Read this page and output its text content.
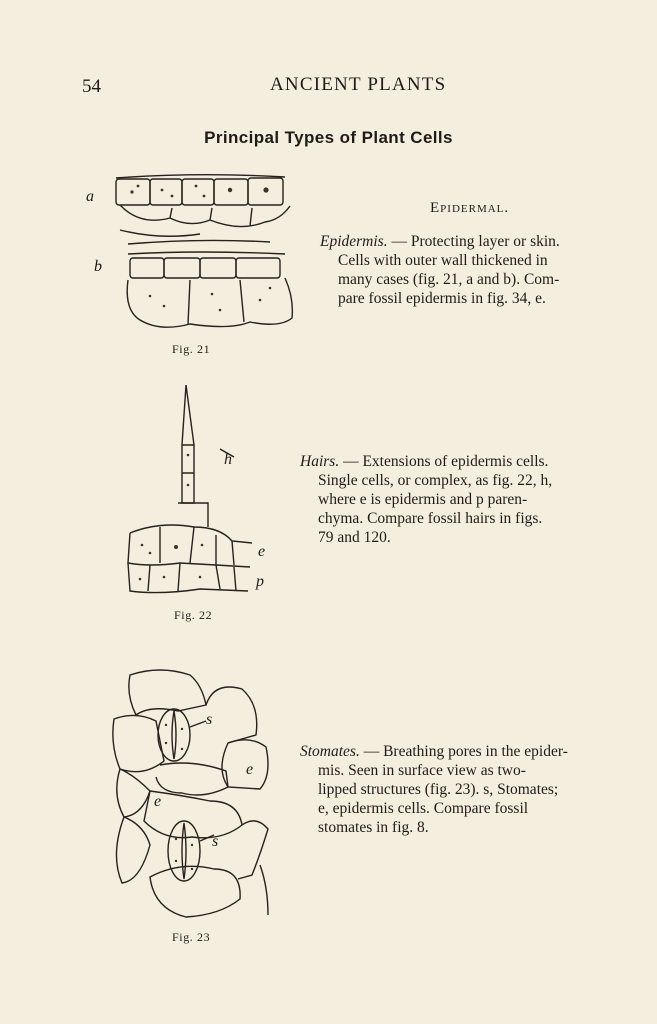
54	ANCIENT PLANTS
Principal Types of Plant Cells
Epidermal.
a
b
Fig. 21
Epidermis. — Protecting layer or skin.
Cells with outer wall thickened in
many cases (fig. 21, a and b). Com-
pare fossil epidermis in fig. 34, e.
h
e
p
Fig. 22
Hairs. — Extensions of epidermis cells.
Single cells, or complex, as fig. 22, h,
where e is epidermis and p paren-
chyma. Compare fossil hairs in figs.
79 and 120.
s
e
e
s
Fig. 23
Stomates. — Breathing pores in the epider-
mis. Seen in surface view as two-
lipped structures (fig. 23). s, Stomates;
e, epidermis cells. Compare fossil
stomates in fig. 8.
